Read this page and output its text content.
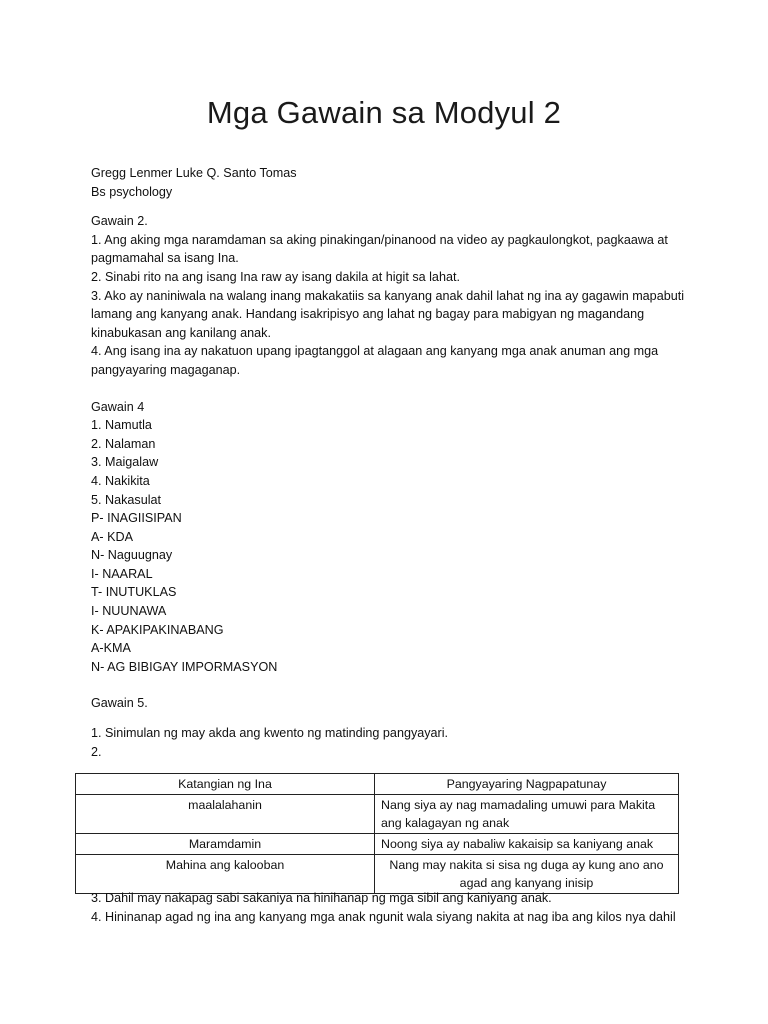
Mga Gawain sa Modyul 2
Gregg Lenmer Luke Q. Santo Tomas
Bs psychology
Gawain 2.
1. Ang aking mga naramdaman sa aking pinakingan/pinanood na video ay pagkaulongkot, pagkaawa at
pagmamahal sa isang Ina.
2. Sinabi rito na ang isang Ina raw ay isang dakila at higit sa lahat.
3. Ako ay naniniwala na walang inang makakatiis sa kanyang anak dahil lahat ng ina ay gagawin mapabuti
lamang ang kanyang anak. Handang isakripisyo ang lahat ng bagay para mabigyan ng magandang
kinabukasan ang kanilang anak.
4. Ang isang ina ay nakatuon upang ipagtanggol at alagaan ang kanyang mga anak anuman ang mga
pangyayaring magaganap.
Gawain 4
1. Namutla
2. Nalaman
3. Maigalaw
4. Nakikita
5. Nakasulat
P- INAGIISIPAN
A- KDA
N- Naguugnay
I- NAARAL
T- INUTUKLAS
I- NUUNAWA
K- APAKIPAKINABANG
A-KMA
N- AG BIBIGAY IMPORMASYON
Gawain 5.
1. Sinimulan ng may akda ang kwento ng matinding pangyayari.
2.
Katangian ng Ina	Pangyayaring Nagpapatunay
maalalahanin	Nang siya ay nag mamadaling umuwi para Makita ang kalagayan ng anak
Maramdamin	Noong siya ay nabaliw kakaisip sa kaniyang anak
Mahina ang kalooban	Nang may nakita si sisa ng duga ay kung ano ano agad ang kanyang inisip
3. Dahil may nakapag sabi sakaniya na hinihanap ng mga sibil ang kaniyang anak.
4. Hininanap agad ng ina ang kanyang mga anak ngunit wala siyang nakita at nag iba ang kilos nya dahil
